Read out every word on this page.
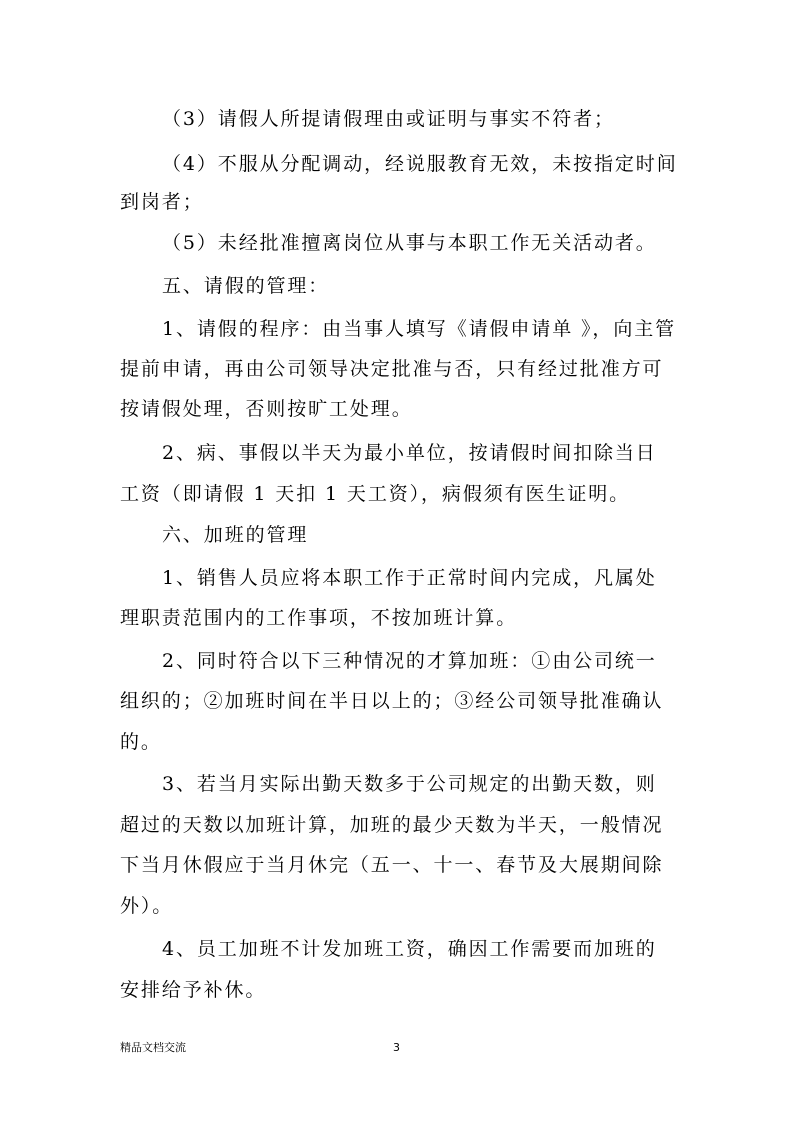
（3）请假人所提请假理由或证明与事实不符者；
（4）不服从分配调动，经说服教育无效，未按指定时间
到岗者；
（5）未经批准擅离岗位从事与本职工作无关活动者。
五、请假的管理：
1、请假的程序：由当事人填写《请假申请单 》，向主管
提前申请，再由公司领导决定批准与否，只有经过批准方可
按请假处理，否则按旷工处理。
2、病、事假以半天为最小单位，按请假时间扣除当日
工资（即请假 1 天扣 1 天工资），病假须有医生证明。
六、加班的管理
1、销售人员应将本职工作于正常时间内完成，凡属处
理职责范围内的工作事项，不按加班计算。
2、同时符合以下三种情况的才算加班：①由公司统一
组织的；②加班时间在半日以上的；③经公司领导批准确认
的。
3、若当月实际出勤天数多于公司规定的出勤天数，则
超过的天数以加班计算，加班的最少天数为半天，一般情况
下当月休假应于当月休完（五一、十一、春节及大展期间除
外）。
4、员工加班不计发加班工资，确因工作需要而加班的
安排给予补休。
精品文档交流	3
